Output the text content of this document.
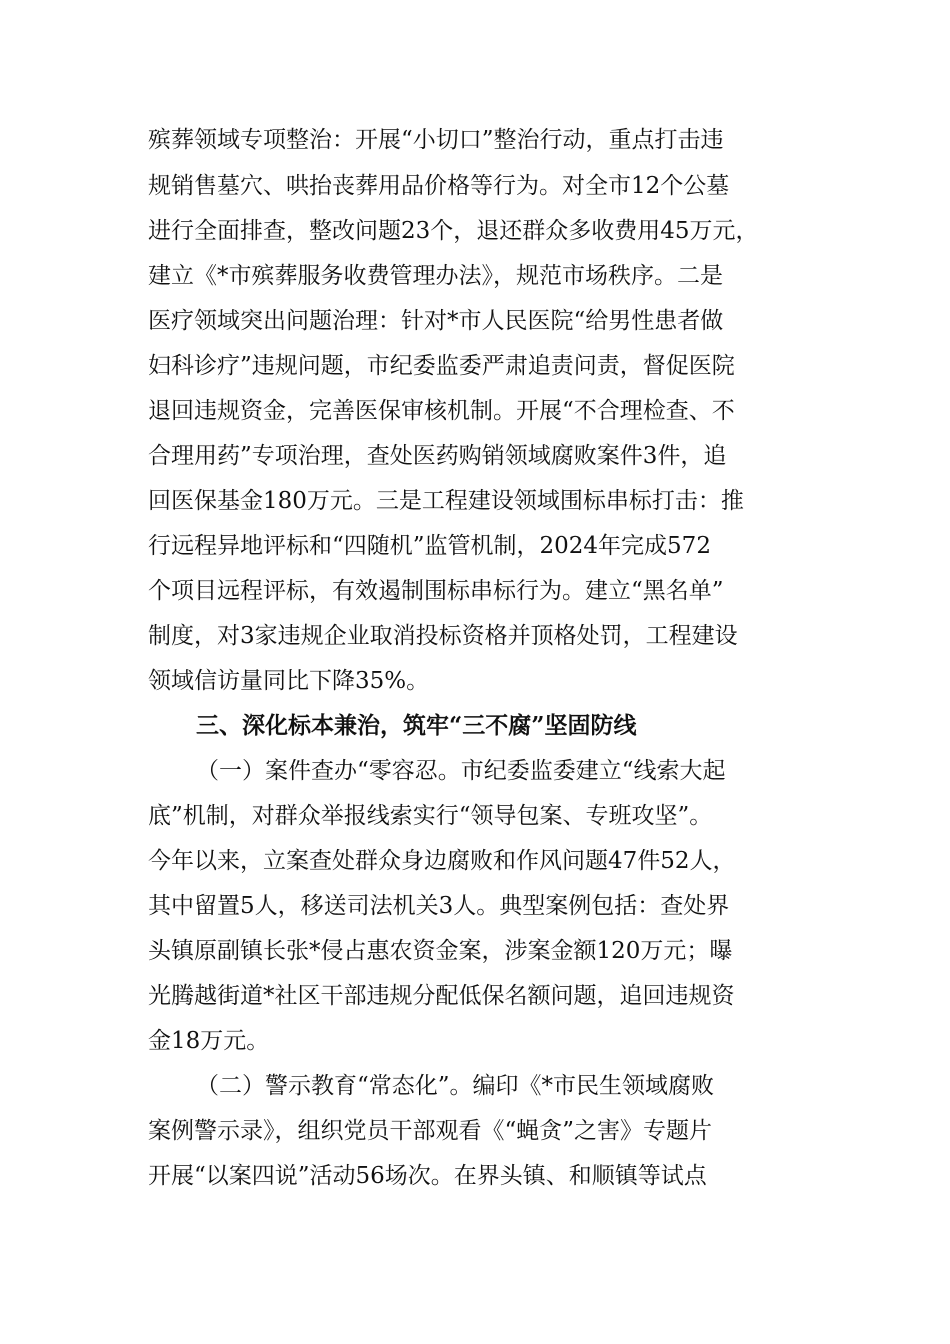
殡葬领域专项整治：开展“小切口”整治行动，重点打击违
规销售墓穴、哄抬丧葬用品价格等行为。对全市12个公墓
进行全面排查，整改问题23个，退还群众多收费用45万元，
建立《*市殡葬服务收费管理办法》，规范市场秩序。二是
医疗领域突出问题治理：针对*市人民医院“给男性患者做
妇科诊疗”违规问题，市纪委监委严肃追责问责，督促医院
退回违规资金，完善医保审核机制。开展“不合理检查、不
合理用药”专项治理，查处医药购销领域腐败案件3件，追
回医保基金180万元。三是工程建设领域围标串标打击：推
行远程异地评标和“四随机”监管机制，2024年完成572
个项目远程评标，有效遏制围标串标行为。建立“黑名单”
制度，对3家违规企业取消投标资格并顶格处罚，工程建设
领域信访量同比下降35%。
三、深化标本兼治，筑牢“三不腐”坚固防线
（一）案件查办“零容忍。市纪委监委建立“线索大起
底”机制，对群众举报线索实行“领导包案、专班攻坚”。
今年以来，立案查处群众身边腐败和作风问题47件52人，
其中留置5人，移送司法机关3人。典型案例包括：查处界
头镇原副镇长张*侵占惠农资金案，涉案金额120万元；曝
光腾越街道*社区干部违规分配低保名额问题，追回违规资
金18万元。
（二）警示教育“常态化”。编印《*市民生领域腐败
案例警示录》，组织党员干部观看《“蝇贪”之害》专题片
开展“以案四说”活动56场次。在界头镇、和顺镇等试点
